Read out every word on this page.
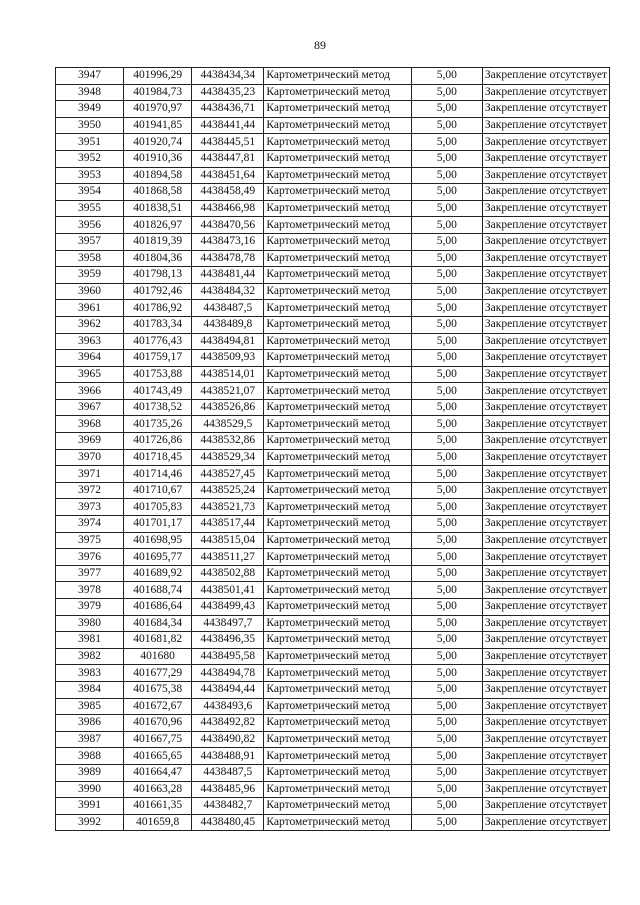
89
3947	401996,29	4438434,34	Картометрический метод	5,00	Закрепление отсутствует
3948	401984,73	4438435,23	Картометрический метод	5,00	Закрепление отсутствует
3949	401970,97	4438436,71	Картометрический метод	5,00	Закрепление отсутствует
3950	401941,85	4438441,44	Картометрический метод	5,00	Закрепление отсутствует
3951	401920,74	4438445,51	Картометрический метод	5,00	Закрепление отсутствует
3952	401910,36	4438447,81	Картометрический метод	5,00	Закрепление отсутствует
3953	401894,58	4438451,64	Картометрический метод	5,00	Закрепление отсутствует
3954	401868,58	4438458,49	Картометрический метод	5,00	Закрепление отсутствует
3955	401838,51	4438466,98	Картометрический метод	5,00	Закрепление отсутствует
3956	401826,97	4438470,56	Картометрический метод	5,00	Закрепление отсутствует
3957	401819,39	4438473,16	Картометрический метод	5,00	Закрепление отсутствует
3958	401804,36	4438478,78	Картометрический метод	5,00	Закрепление отсутствует
3959	401798,13	4438481,44	Картометрический метод	5,00	Закрепление отсутствует
3960	401792,46	4438484,32	Картометрический метод	5,00	Закрепление отсутствует
3961	401786,92	4438487,5	Картометрический метод	5,00	Закрепление отсутствует
3962	401783,34	4438489,8	Картометрический метод	5,00	Закрепление отсутствует
3963	401776,43	4438494,81	Картометрический метод	5,00	Закрепление отсутствует
3964	401759,17	4438509,93	Картометрический метод	5,00	Закрепление отсутствует
3965	401753,88	4438514,01	Картометрический метод	5,00	Закрепление отсутствует
3966	401743,49	4438521,07	Картометрический метод	5,00	Закрепление отсутствует
3967	401738,52	4438526,86	Картометрический метод	5,00	Закрепление отсутствует
3968	401735,26	4438529,5	Картометрический метод	5,00	Закрепление отсутствует
3969	401726,86	4438532,86	Картометрический метод	5,00	Закрепление отсутствует
3970	401718,45	4438529,34	Картометрический метод	5,00	Закрепление отсутствует
3971	401714,46	4438527,45	Картометрический метод	5,00	Закрепление отсутствует
3972	401710,67	4438525,24	Картометрический метод	5,00	Закрепление отсутствует
3973	401705,83	4438521,73	Картометрический метод	5,00	Закрепление отсутствует
3974	401701,17	4438517,44	Картометрический метод	5,00	Закрепление отсутствует
3975	401698,95	4438515,04	Картометрический метод	5,00	Закрепление отсутствует
3976	401695,77	4438511,27	Картометрический метод	5,00	Закрепление отсутствует
3977	401689,92	4438502,88	Картометрический метод	5,00	Закрепление отсутствует
3978	401688,74	4438501,41	Картометрический метод	5,00	Закрепление отсутствует
3979	401686,64	4438499,43	Картометрический метод	5,00	Закрепление отсутствует
3980	401684,34	4438497,7	Картометрический метод	5,00	Закрепление отсутствует
3981	401681,82	4438496,35	Картометрический метод	5,00	Закрепление отсутствует
3982	401680	4438495,58	Картометрический метод	5,00	Закрепление отсутствует
3983	401677,29	4438494,78	Картометрический метод	5,00	Закрепление отсутствует
3984	401675,38	4438494,44	Картометрический метод	5,00	Закрепление отсутствует
3985	401672,67	4438493,6	Картометрический метод	5,00	Закрепление отсутствует
3986	401670,96	4438492,82	Картометрический метод	5,00	Закрепление отсутствует
3987	401667,75	4438490,82	Картометрический метод	5,00	Закрепление отсутствует
3988	401665,65	4438488,91	Картометрический метод	5,00	Закрепление отсутствует
3989	401664,47	4438487,5	Картометрический метод	5,00	Закрепление отсутствует
3990	401663,28	4438485,96	Картометрический метод	5,00	Закрепление отсутствует
3991	401661,35	4438482,7	Картометрический метод	5,00	Закрепление отсутствует
3992	401659,8	4438480,45	Картометрический метод	5,00	Закрепление отсутствует
